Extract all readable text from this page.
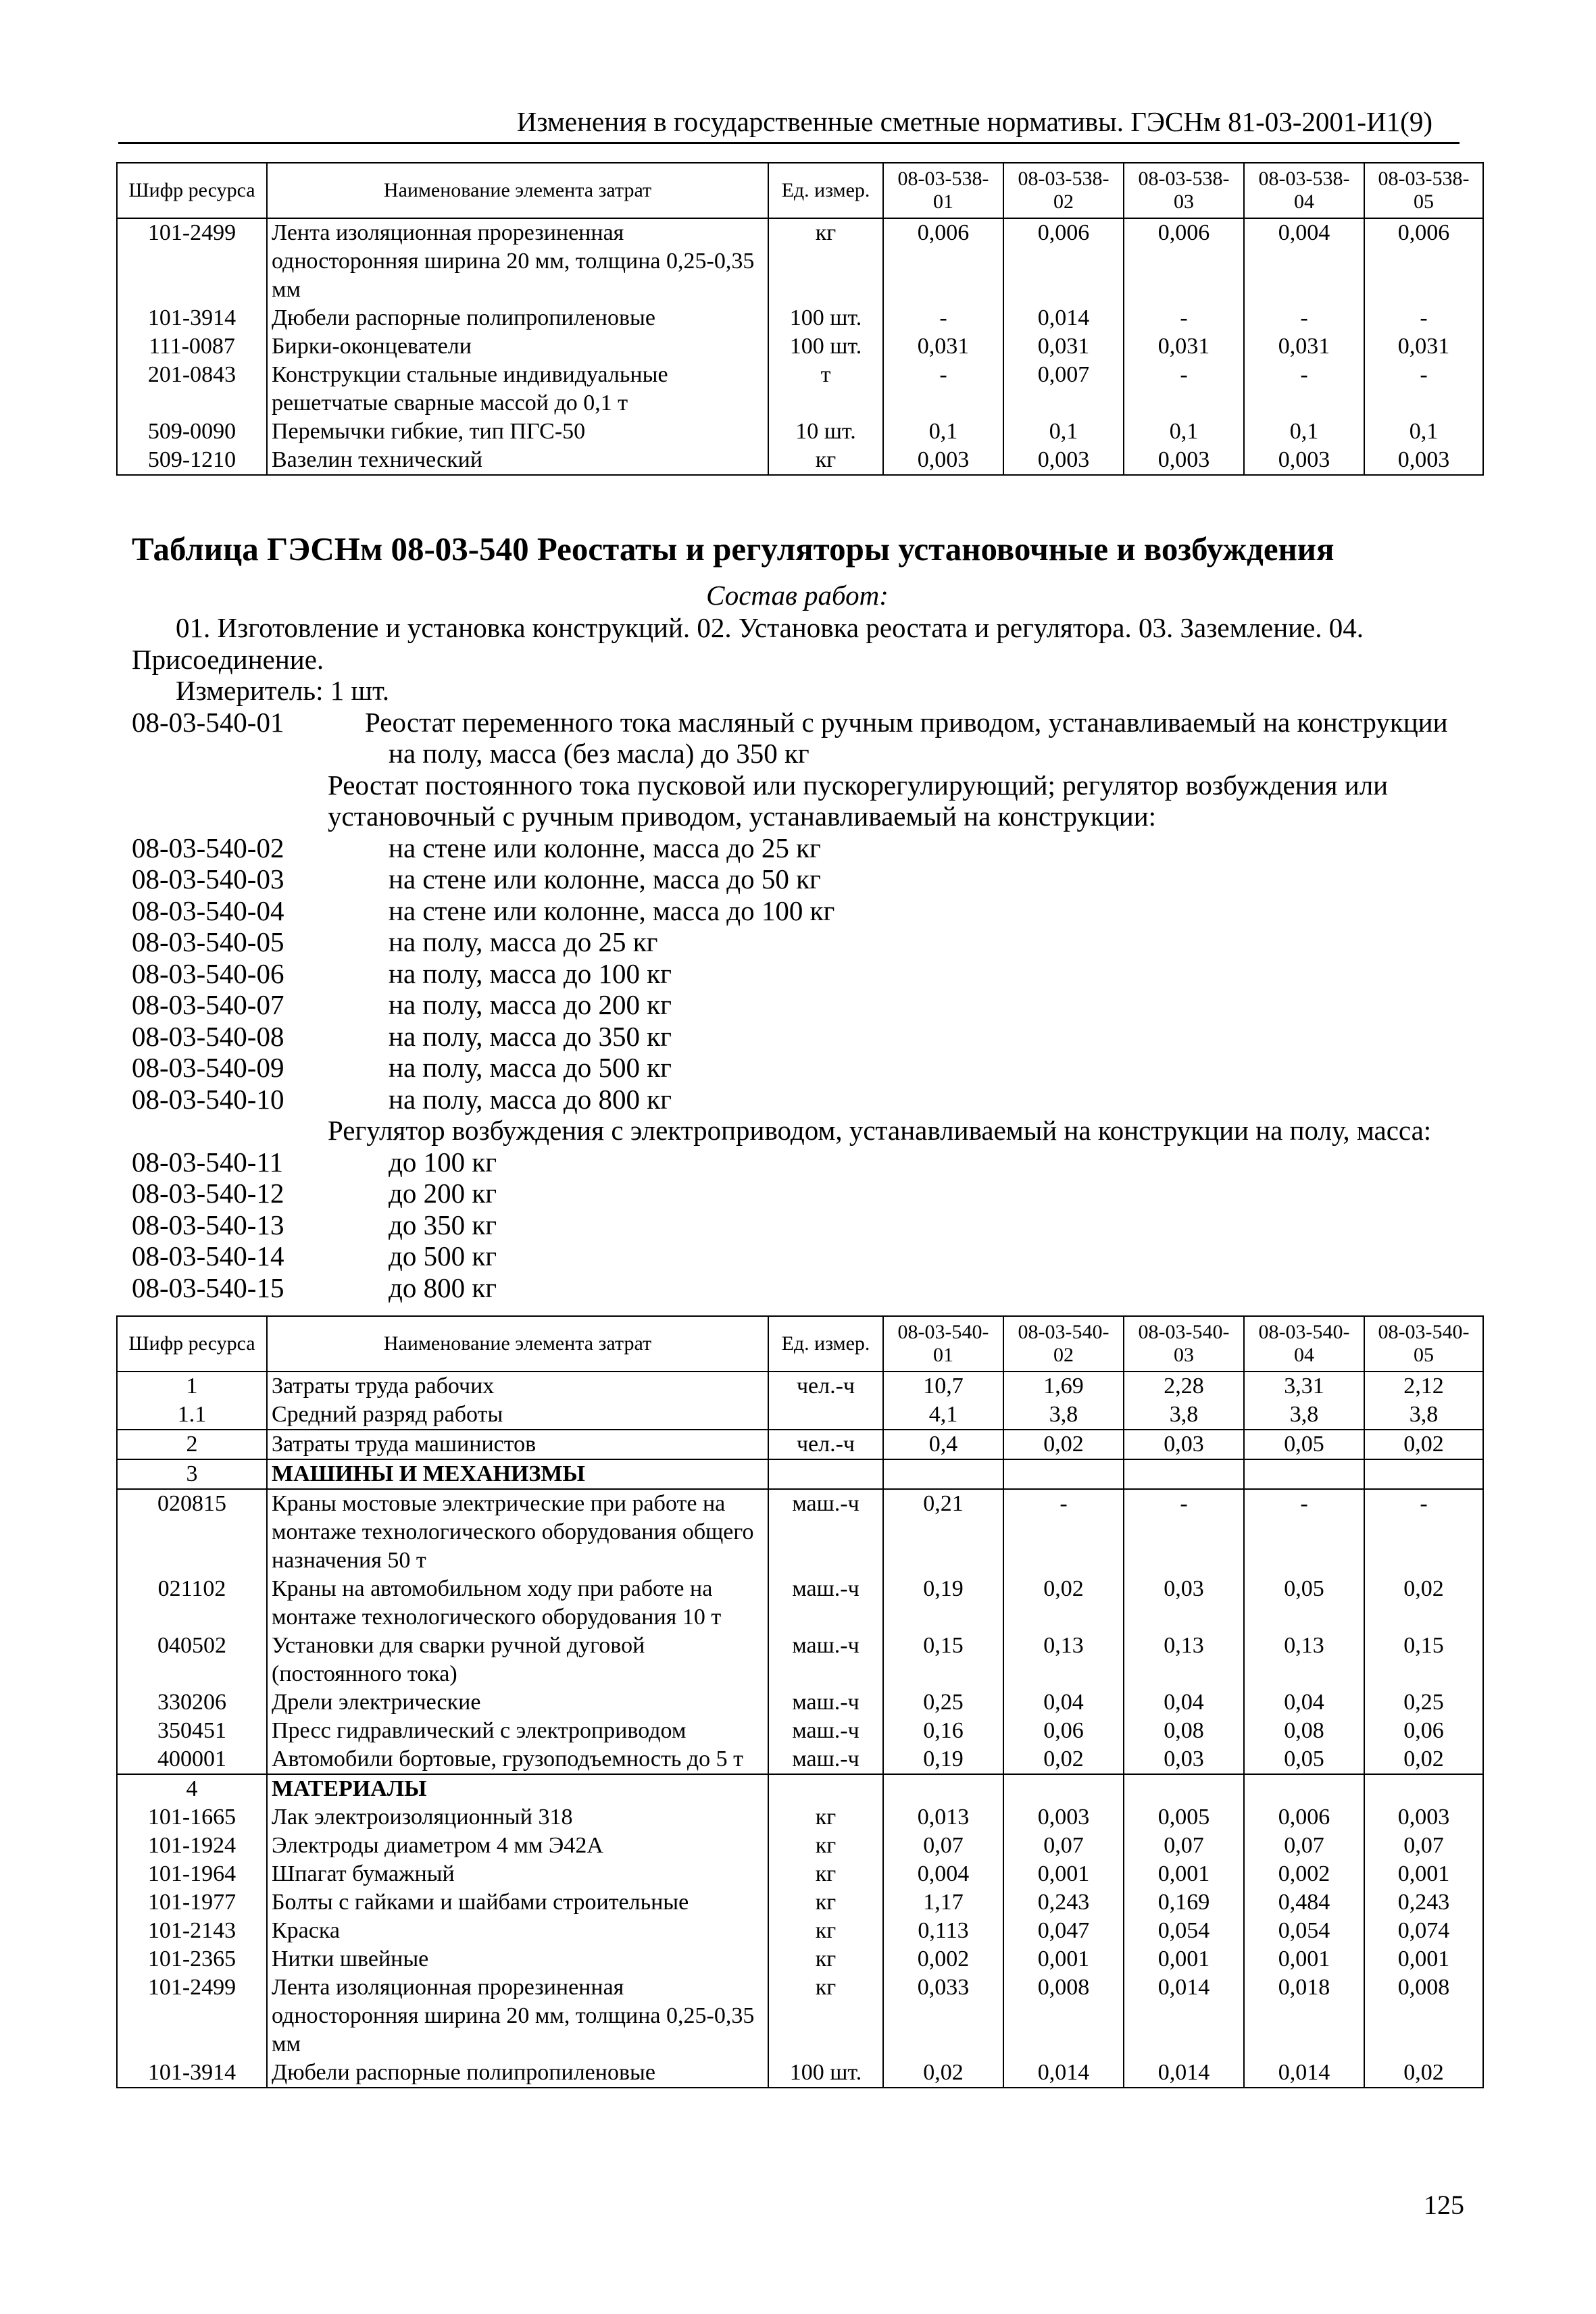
Изменения в государственные сметные нормативы. ГЭСНм 81-03-2001-И1(9)
Шифр ресурса	Наименование элемента затрат	Ед. измер.	08-03-538-01	08-03-538-02	08-03-538-03	08-03-538-04	08-03-538-05
101-2499	Лента изоляционная прорезиненная односторонняя ширина 20 мм, толщина 0,25-0,35 мм	кг	0,006	0,006	0,006	0,004	0,006
101-3914	Дюбели распорные полипропиленовые	100 шт.	-	0,014	-	-	-
111-0087	Бирки-оконцеватели	100 шт.	0,031	0,031	0,031	0,031	0,031
201-0843	Конструкции стальные индивидуальные решетчатые сварные массой до 0,1 т	т	-	0,007	-	-	-
509-0090	Перемычки гибкие, тип ПГС-50	10 шт.	0,1	0,1	0,1	0,1	0,1
509-1210	Вазелин технический	кг	0,003	0,003	0,003	0,003	0,003
Таблица ГЭСНм 08-03-540 Реостаты и регуляторы установочные и возбуждения
Состав работ:
01. Изготовление и установка конструкций. 02. Установка реостата и регулятора. 03. Заземление. 04.
Присоединение.
Измеритель: 1 шт.
08-03-540-01	Реостат переменного тока масляный с ручным приводом, устанавливаемый на конструкции
на полу, масса (без масла) до 350 кг
Реостат постоянного тока пусковой или пускорегулирующий; регулятор возбуждения или
установочный с ручным приводом, устанавливаемый на конструкции:
08-03-540-02	на стене или колонне, масса до 25 кг
08-03-540-03	на стене или колонне, масса до 50 кг
08-03-540-04	на стене или колонне, масса до 100 кг
08-03-540-05	на полу, масса до 25 кг
08-03-540-06	на полу, масса до 100 кг
08-03-540-07	на полу, масса до 200 кг
08-03-540-08	на полу, масса до 350 кг
08-03-540-09	на полу, масса до 500 кг
08-03-540-10	на полу, масса до 800 кг
Регулятор возбуждения с электроприводом, устанавливаемый на конструкции на полу, масса:
08-03-540-11	до 100 кг
08-03-540-12	до 200 кг
08-03-540-13	до 350 кг
08-03-540-14	до 500 кг
08-03-540-15	до 800 кг
Шифр ресурса	Наименование элемента затрат	Ед. измер.	08-03-540-01	08-03-540-02	08-03-540-03	08-03-540-04	08-03-540-05
1	Затраты труда рабочих	чел.-ч	10,7	1,69	2,28	3,31	2,12
1.1	Средний разряд работы		4,1	3,8	3,8	3,8	3,8
2	Затраты труда машинистов	чел.-ч	0,4	0,02	0,03	0,05	0,02
3	МАШИНЫ И МЕХАНИЗМЫ						
020815	Краны мостовые электрические при работе на монтаже технологического оборудования общего назначения 50 т	маш.-ч	0,21	-	-	-	-
021102	Краны на автомобильном ходу при работе на монтаже технологического оборудования 10 т	маш.-ч	0,19	0,02	0,03	0,05	0,02
040502	Установки для сварки ручной дуговой (постоянного тока)	маш.-ч	0,15	0,13	0,13	0,13	0,15
330206	Дрели электрические	маш.-ч	0,25	0,04	0,04	0,04	0,25
350451	Пресс гидравлический с электроприводом	маш.-ч	0,16	0,06	0,08	0,08	0,06
400001	Автомобили бортовые, грузоподъемность до 5 т	маш.-ч	0,19	0,02	0,03	0,05	0,02
4	МАТЕРИАЛЫ						
101-1665	Лак электроизоляционный 318	кг	0,013	0,003	0,005	0,006	0,003
101-1924	Электроды диаметром 4 мм Э42А	кг	0,07	0,07	0,07	0,07	0,07
101-1964	Шпагат бумажный	кг	0,004	0,001	0,001	0,002	0,001
101-1977	Болты с гайками и шайбами строительные	кг	1,17	0,243	0,169	0,484	0,243
101-2143	Краска	кг	0,113	0,047	0,054	0,054	0,074
101-2365	Нитки швейные	кг	0,002	0,001	0,001	0,001	0,001
101-2499	Лента изоляционная прорезиненная односторонняя ширина 20 мм, толщина 0,25-0,35 мм	кг	0,033	0,008	0,014	0,018	0,008
101-3914	Дюбели распорные полипропиленовые	100 шт.	0,02	0,014	0,014	0,014	0,02
125
